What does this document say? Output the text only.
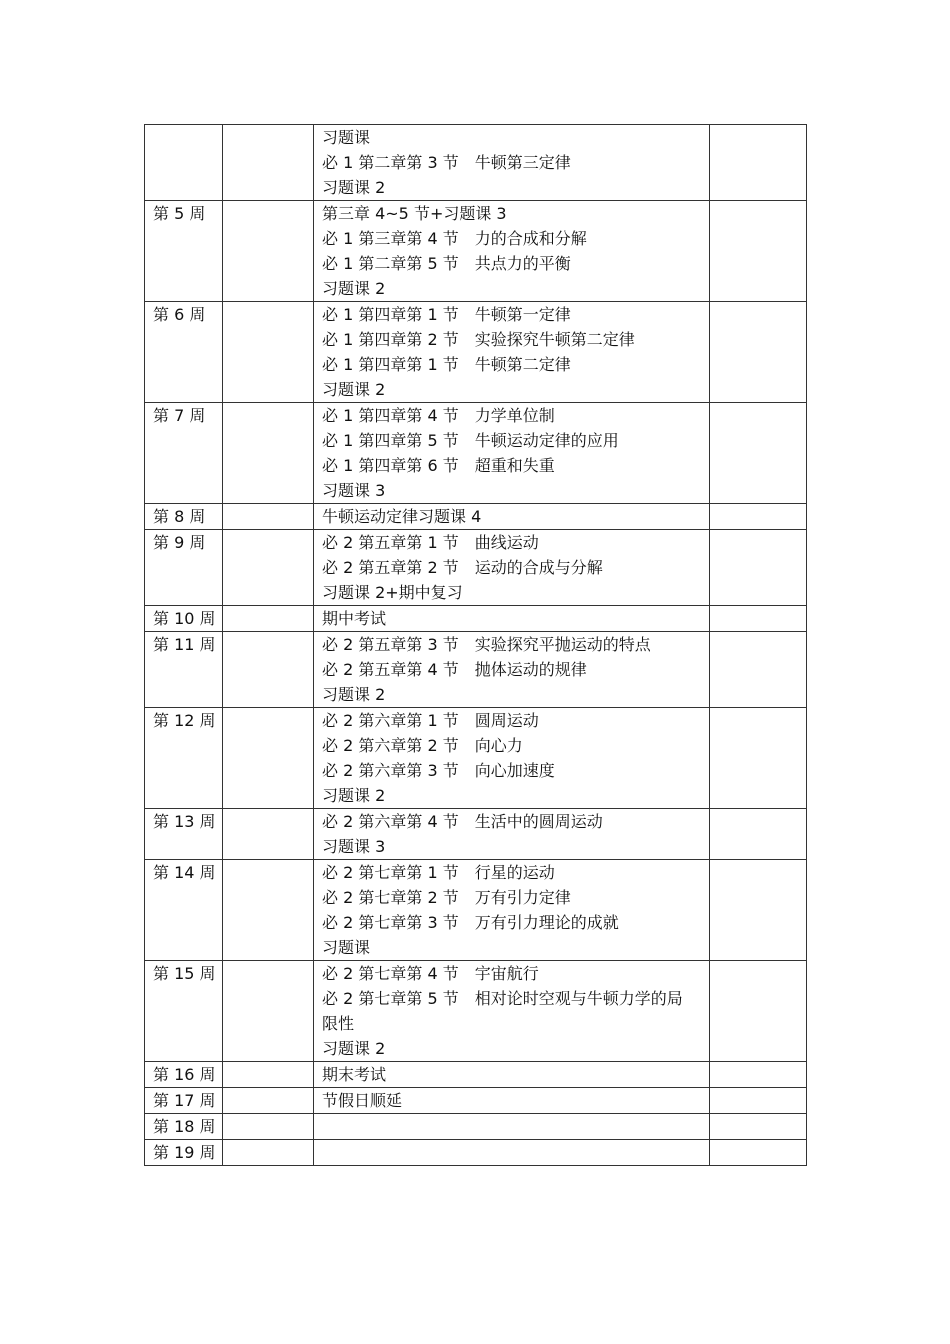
		习题课
必 1 第二章第 3 节　牛顿第三定律
习题课 2	

第 5 周		第三章 4~5 节+习题课 3
必 1 第三章第 4 节　力的合成和分解
必 1 第二章第 5 节　共点力的平衡
习题课 2	

第 6 周		必 1 第四章第 1 节　牛顿第一定律
必 1 第四章第 2 节　实验探究牛顿第二定律
必 1 第四章第 1 节　牛顿第二定律
习题课 2	

第 7 周		必 1 第四章第 4 节　力学单位制
必 1 第四章第 5 节　牛顿运动定律的应用
必 1 第四章第 6 节　超重和失重
习题课 3	

第 8 周		牛顿运动定律习题课 4	

第 9 周		必 2 第五章第 1 节　曲线运动
必 2 第五章第 2 节　运动的合成与分解
习题课 2+期中复习	

第 10 周		期中考试	

第 11 周		必 2 第五章第 3 节　实验探究平抛运动的特点
必 2 第五章第 4 节　抛体运动的规律
习题课 2	

第 12 周		必 2 第六章第 1 节　圆周运动
必 2 第六章第 2 节　向心力
必 2 第六章第 3 节　向心加速度
习题课 2	

第 13 周		必 2 第六章第 4 节　生活中的圆周运动
习题课 3	

第 14 周		必 2 第七章第 1 节　行星的运动
必 2 第七章第 2 节　万有引力定律
必 2 第七章第 3 节　万有引力理论的成就
习题课	

第 15 周		必 2 第七章第 4 节　宇宙航行
必 2 第七章第 5 节　相对论时空观与牛顿力学的局
限性
习题课 2	

第 16 周		期末考试	

第 17 周		节假日顺延	

第 18 周		

第 19 周		
